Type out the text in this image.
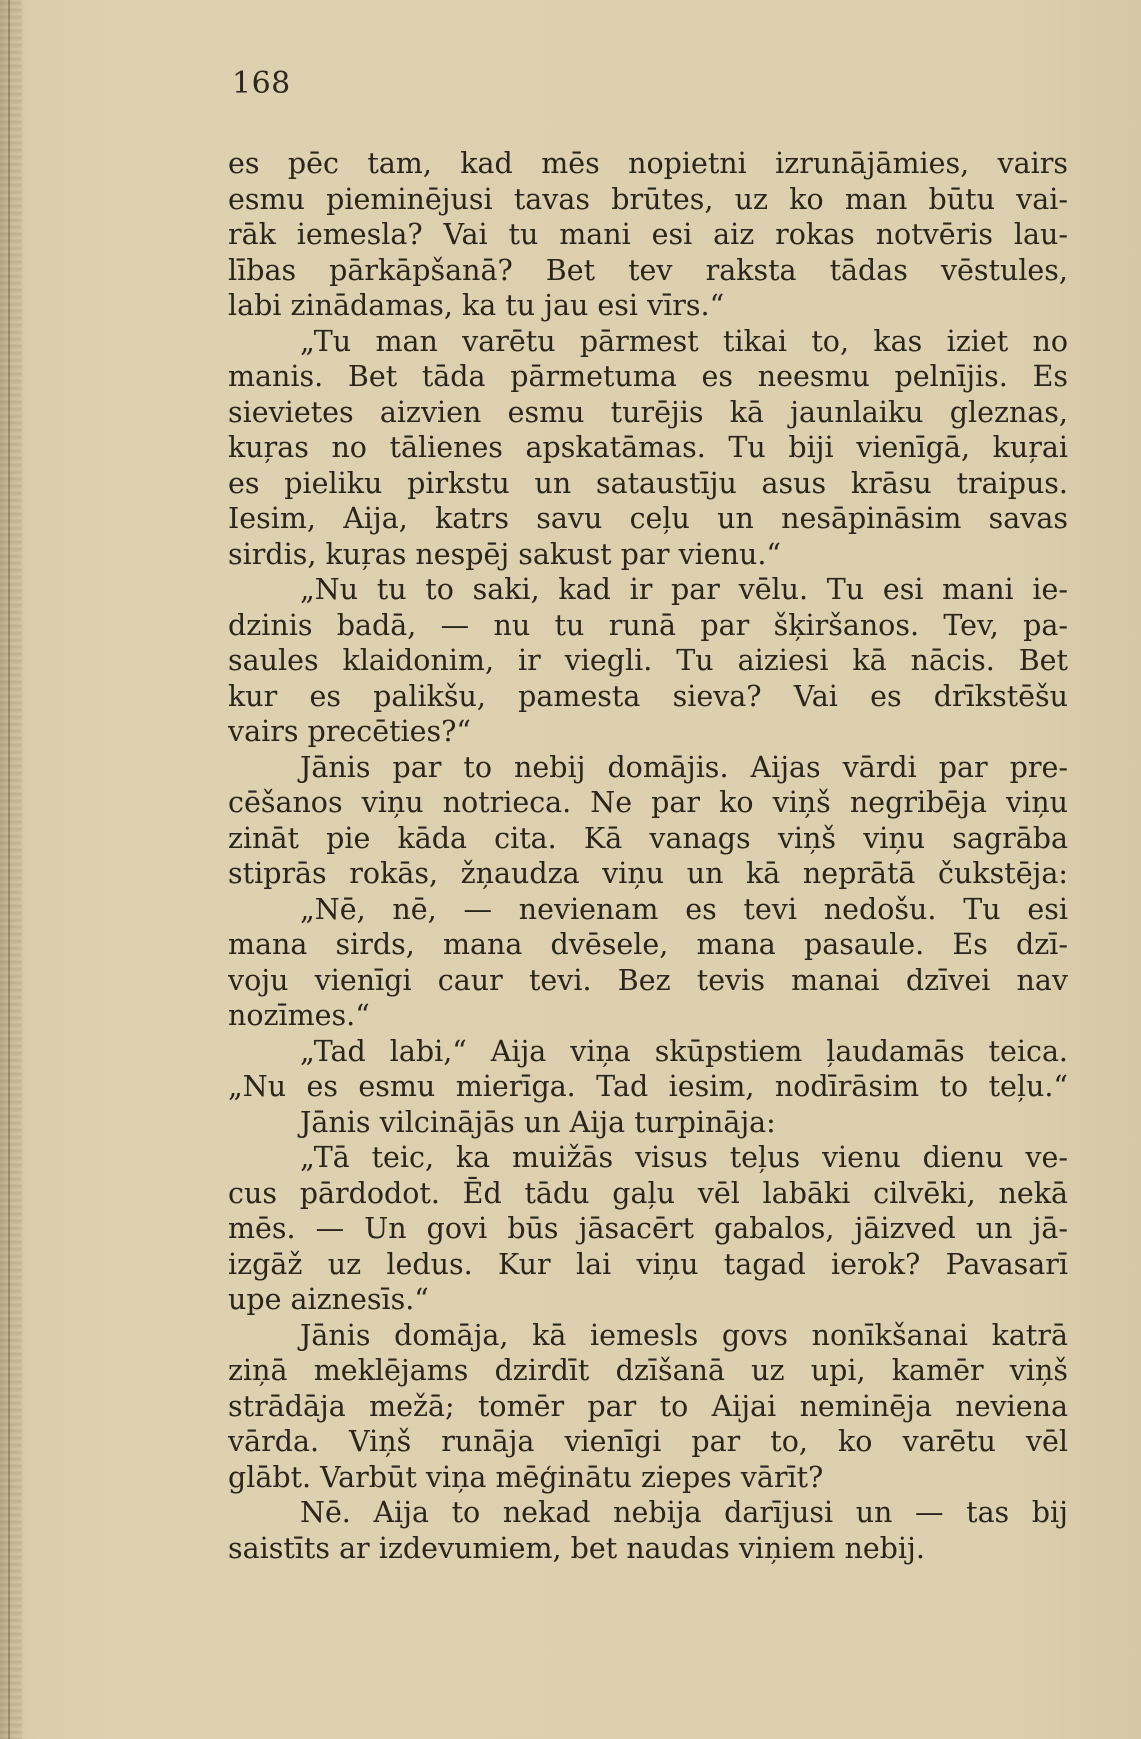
168
es pēc tam, kad mēs nopietni izrunājāmies, vairs
esmu pieminējusi tavas brūtes, uz ko man būtu vai-
rāk iemesla? Vai tu mani esi aiz rokas notvēris lau-
lības pārkāpšanā? Bet tev raksta tādas vēstules,
labi zinādamas, ka tu jau esi vīrs.“
„Tu man varētu pārmest tikai to, kas iziet no
manis. Bet tāda pārmetuma es neesmu pelnījis. Es
sievietes aizvien esmu turējis kā jaunlaiku gleznas,
kuŗas no tālienes apskatāmas. Tu biji vienīgā, kuŗai
es pieliku pirkstu un sataustīju asus krāsu traipus.
Iesim, Aija, katrs savu ceļu un nesāpināsim savas
sirdis, kuŗas nespēj sakust par vienu.“
„Nu tu to saki, kad ir par vēlu. Tu esi mani ie-
dzinis badā, — nu tu runā par šķiršanos. Tev, pa-
saules klaidonim, ir viegli. Tu aiziesi kā nācis. Bet
kur es palikšu, pamesta sieva? Vai es drīkstēšu
vairs precēties?“
Jānis par to nebij domājis. Aijas vārdi par pre-
cēšanos viņu notrieca. Ne par ko viņš negribēja viņu
zināt pie kāda cita. Kā vanags viņš viņu sagrāba
stiprās rokās, žņaudza viņu un kā neprātā čukstēja:
„Nē, nē, — nevienam es tevi nedošu. Tu esi
mana sirds, mana dvēsele, mana pasaule. Es dzī-
voju vienīgi caur tevi. Bez tevis manai dzīvei nav
nozīmes.“
„Tad labi,“ Aija viņa skūpstiem ļaudamās teica.
„Nu es esmu mierīga. Tad iesim, nodīrāsim to teļu.“
Jānis vilcinājās un Aija turpināja:
„Tā teic, ka muižās visus teļus vienu dienu ve-
cus pārdodot. Ēd tādu gaļu vēl labāki cilvēki, nekā
mēs. — Un govi būs jāsacērt gabalos, jāizved un jā-
izgāž uz ledus. Kur lai viņu tagad ierok? Pavasarī
upe aiznesīs.“
Jānis domāja, kā iemesls govs nonīkšanai katrā
ziņā meklējams dzirdīt dzīšanā uz upi, kamēr viņš
strādāja mežā; tomēr par to Aijai neminēja neviena
vārda. Viņš runāja vienīgi par to, ko varētu vēl
glābt. Varbūt viņa mēģinātu ziepes vārīt?
Nē. Aija to nekad nebija darījusi un — tas bij
saistīts ar izdevumiem, bet naudas viņiem nebij.
